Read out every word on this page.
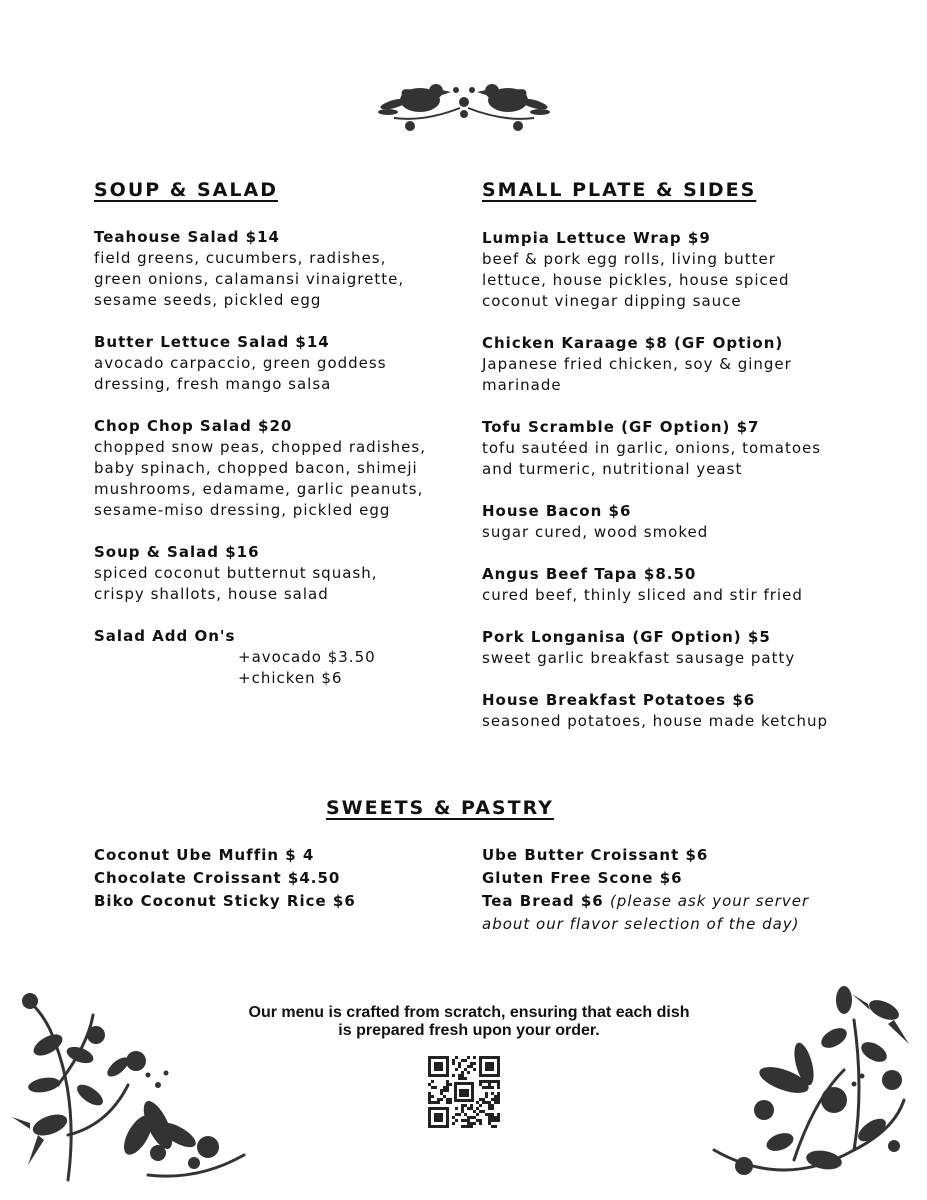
SOUP & SALAD	SMALL PLATE & SIDES
Teahouse Salad $14
field greens, cucumbers, radishes, green onions, calamansi vinaigrette, sesame seeds, pickled egg
Butter Lettuce Salad $14
avocado carpaccio, green goddess dressing, fresh mango salsa
Chop Chop Salad $20
chopped snow peas, chopped radishes, baby spinach, chopped bacon, shimeji mushrooms, edamame, garlic peanuts, sesame-miso dressing, pickled egg
Soup & Salad $16
spiced coconut butternut squash, crispy shallots, house salad
Salad Add On's
+avocado $3.50
+chicken $6
Lumpia Lettuce Wrap $9
beef & pork egg rolls, living butter lettuce, house pickles, house spiced coconut vinegar dipping sauce
Chicken Karaage $8 (GF Option)
Japanese fried chicken, soy & ginger marinade
Tofu Scramble (GF Option) $7
tofu sautéed in garlic, onions, tomatoes and turmeric, nutritional yeast
House Bacon $6
sugar cured, wood smoked
Angus Beef Tapa $8.50
cured beef, thinly sliced and stir fried
Pork Longanisa (GF Option) $5
sweet garlic breakfast sausage patty
House Breakfast Potatoes $6
seasoned potatoes, house made ketchup
SWEETS & PASTRY
Coconut Ube Muffin $ 4
Chocolate Croissant $4.50
Biko Coconut Sticky Rice $6
Ube Butter Croissant $6
Gluten Free Scone $6
Tea Bread $6 (please ask your server about our flavor selection of the day)
Our menu is crafted from scratch, ensuring that each dish
is prepared fresh upon your order.
